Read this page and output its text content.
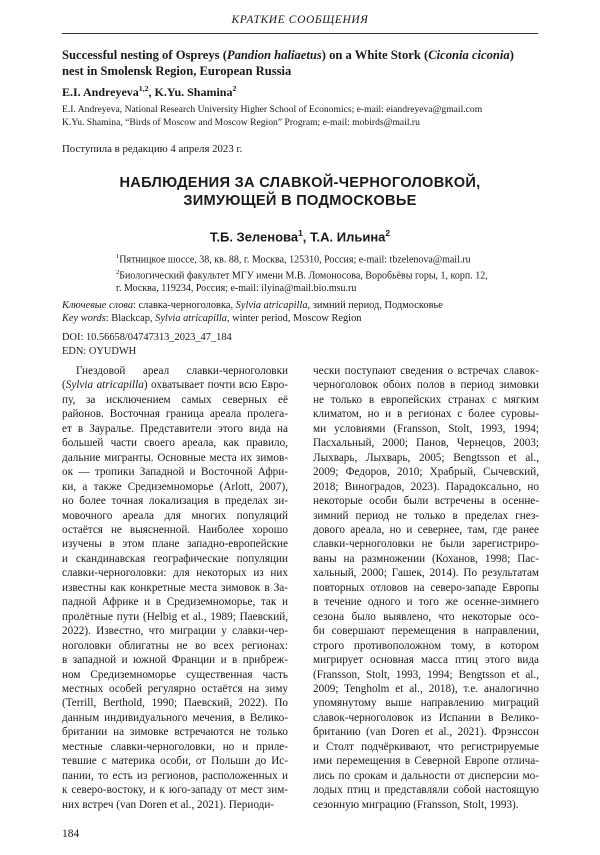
КРАТКИЕ СООБЩЕНИЯ
Successful nesting of Ospreys (Pandion haliaetus) on a White Stork (Ciconia ciconia)
nest in Smolensk Region, European Russia
E.I. Andreyeva$^{1,2}$, K.Yu. Shamina$^2$
E.I. Andreyeva, National Research University Higher School of Economics; e-mail: eiandreyeva@gmail.com
K.Yu. Shamina, “Birds of Moscow and Moscow Region” Program; e-mail: mobirds@mail.ru
Поступила в редакцию 4 апреля 2023 г.
НАБЛЮДЕНИЯ ЗА СЛАВКОЙ-ЧЕРНОГОЛОВКОЙ,
ЗИМУЮЩЕЙ В ПОДМОСКОВЬЕ
Т.Б. Зеленова$^1$, Т.А. Ильина$^2$

$^1$Пятницкое шоссе, 38, кв. 88, г. Москва, 125310, Россия; e-mail: tbzelenova@mail.ru

$^2$Биологический факультет МГУ имени М.В. Ломоносова, Воробьёвы горы, 1, корп. 12,

г. Москва, 119234, Россия; e-mail: ilyina@mail.bio.msu.ru

Ключевые слова: славка-черноголовка, Sylvia atricapilla, зимний период, Подмосковье
Key words: Blackcap, Sylvia atricapilla, winter period, Moscow Region
DOI: 10.56658/04747313_2023_47_184
EDN: OYUDWH

Гнездовой ареал славки-черноголовки

(Sylvia atricapilla) охватывает почти всю Евро-

пу, за исключением самых северных её

районов. Восточная граница ареала пролега-

ет в Зауралье. Представители этого вида на

большей части своего ареала, как правило,

дальние мигранты. Основные места их зимов-

ок — тропики Западной и Восточной Афри-

ки, а также Средиземноморье (Arlott, 2007),

но более точная локализация в пределах зи-

мовочного ареала для многих популяций

остаётся не выясненной. Наиболее хорошо

изучены в этом плане западно-европейские

и скандинавская географические популяции

славки-черноголовки: для некоторых из них

известны как конкретные места зимовок в За-

падной Африке и в Средиземноморье, так и

пролётные пути (Helbig et al., 1989; Паевский,

2022). Известно, что миграции у славки-чер-

ноголовки облигатны не во всех регионах:

в западной и южной Франции и в прибреж-

ном Средиземноморье существенная часть

местных особей регулярно остаётся на зиму

(Terrill, Berthold, 1990; Паевский, 2022). По

данным индивидуального мечения, в Велико-

британии на зимовке встречаются не только

местные славки-черноголовки, но и приле-

тевшие с материка особи, от Польши до Ис-

пании, то есть из регионов, расположенных и

к северо-востоку, и к юго-западу от мест зим-

них встреч (van Doren et al., 2021). Периоди-

чески поступают сведения о встречах славок-

черноголовок обоих полов в период зимовки

не только в европейских странах с мягким

климатом, но и в регионах с более суровы-

ми условиями (Fransson, Stolt, 1993, 1994;

Пасхальный, 2000; Панов, Чернецов, 2003;

Лыхварь, Лыхварь, 2005; Bengtsson et al.,

2009; Федоров, 2010; Храбрый, Сычевский,

2018; Виноградов, 2023). Парадоксально, но

некоторые особи были встречены в осенне-

зимний период не только в пределах гнез-

дового ареала, но и севернее, там, где ранее

славки-черноголовки не были зарегистриро-

ваны на размножении (Коханов, 1998; Пас-

хальный, 2000; Гашек, 2014). По результатам

повторных отловов на северо-западе Европы

в течение одного и того же осенне-зимнего

сезона было выявлено, что некоторые осо-

би совершают перемещения в направлении,

строго противоположном тому, в котором

мигрирует основная масса птиц этого вида

(Fransson, Stolt, 1993, 1994; Bengtsson et al.,

2009; Tengholm et al., 2018), т.е. аналогично

упомянутому выше направлению миграций

славок-черноголовок из Испании в Велико-

британию (van Doren et al., 2021). Фрэнссон

и Столт подчёркивают, что регистрируемые

ими перемещения в Северной Европе отлича-

лись по срокам и дальности от дисперсии мо-

лодых птиц и представляли собой настоящую

сезонную миграцию (Fransson, Stolt, 1993).

184
